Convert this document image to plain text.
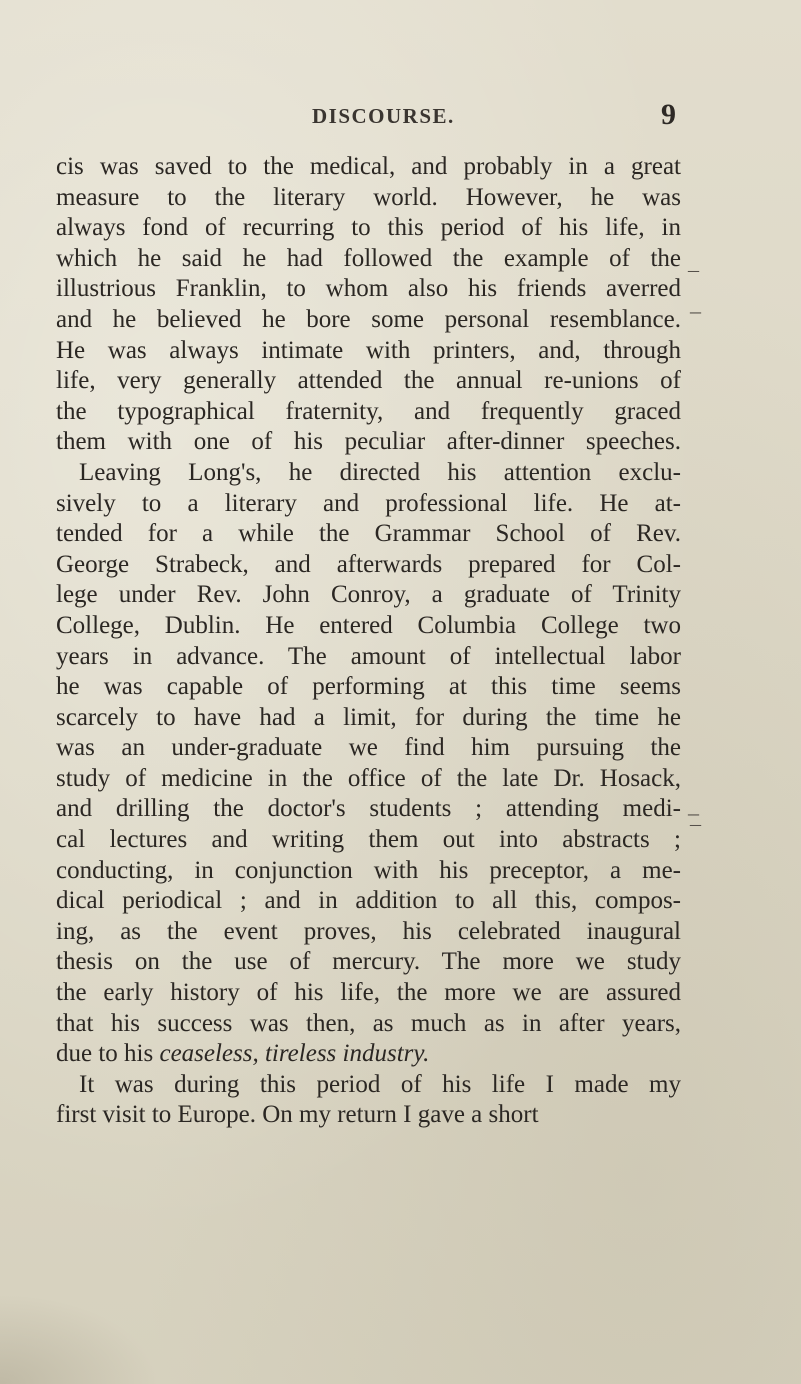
DISCOURSE.	9
cis was saved to the medical, and probably in a great
measure to the literary world. However, he was
always fond of recurring to this period of his life, in
which he said he had followed the example of the
illustrious Franklin, to whom also his friends averred
and he believed he bore some personal resemblance.
He was always intimate with printers, and, through
life, very generally attended the annual re-unions of
the typographical fraternity, and frequently graced
them with one of his peculiar after-dinner speeches.
Leaving Long's, he directed his attention exclu-
sively to a literary and professional life. He at-
tended for a while the Grammar School of Rev.
George Strabeck, and afterwards prepared for Col-
lege under Rev. John Conroy, a graduate of Trinity
College, Dublin. He entered Columbia College two
years in advance. The amount of intellectual labor
he was capable of performing at this time seems
scarcely to have had a limit, for during the time he
was an under-graduate we find him pursuing the
study of medicine in the office of the late Dr. Hosack,
and drilling the doctor's students ; attending medi-
cal lectures and writing them out into abstracts ;
conducting, in conjunction with his preceptor, a me-
dical periodical ; and in addition to all this, compos-
ing, as the event proves, his celebrated inaugural
thesis on the use of mercury. The more we study
the early history of his life, the more we are assured
that his success was then, as much as in after years,
due to his ceaseless, tireless industry.
It was during this period of his life I made my
first visit to Europe. On my return I gave a short
¯
–
–
¯
